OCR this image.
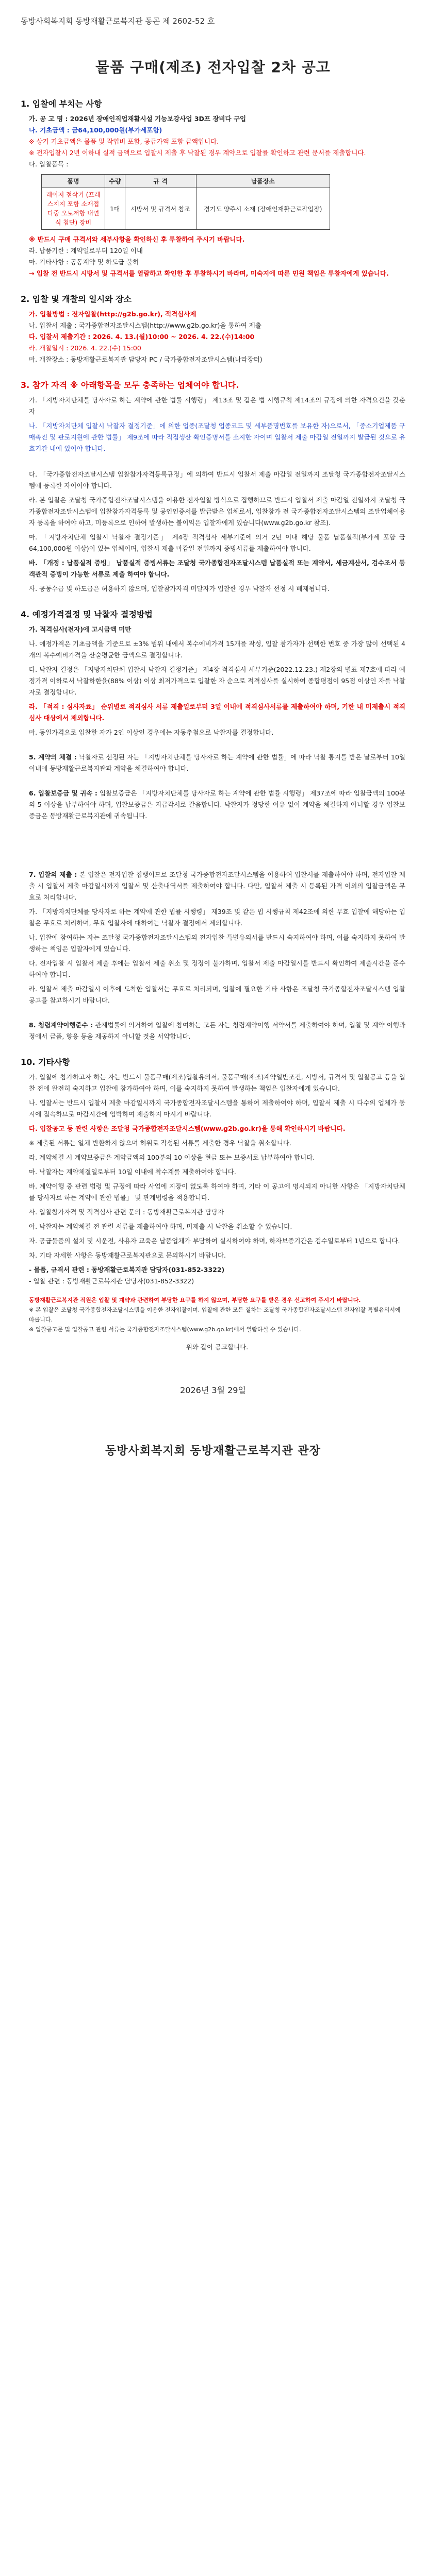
동방사회복지회 동방재활근로복지관 동곤 제 2602-52 호
물품 구매(제조) 전자입찰 2차 공고
1. 입찰에 부치는 사항
가. 공 고 명 : 2026년 장애인직업재활시설 기능보강사업 3D프 장비다 구입
나. 기초금액 : 금64,100,000원(부가세포함)
※ 상기 기초금액은 물품 및 작업비 포함, 공급가액 포함 금액입니다.
※ 전자입찰시 2년 이하내 실적 금액으로 입찰시 제출 후 낙찰된 경우 계약으로 입찰률 확인하고 관련 문서를 제출합니다.
다. 입찰품목 :
품명	수량	규 격	납품장소
레이저 절삭기 (프레스지지 포함 소재접 다중 오토저항 내연식 첨단) 장비	1대	시방서 및 규격서 참조	경기도 양주시 소재 (장애인재활근로작업장)
※ 반드시 구매 규격서와 세부사항을 확인하신 후 투찰하여 주시기 바랍니다.
라. 납품기한 : 계약일로부터 120일 이내
마. 기타사항 : 공동계약 및 하도급 불허
→ 입찰 전 반드시 시방서 및 규격서를 열람하고 확인한 후 투찰하시기 바라며, 미숙지에 따른 민원 책임은 투찰자에게 있습니다.
2. 입찰 및 개찰의 일시와 장소
가. 입찰방법 : 전자입찰(http://g2b.go.kr), 적격심사제
나. 입찰서 제출 : 국가종합전자조달시스템(http://www.g2b.go.kr)을 통하여 제출
다. 입찰서 제출기간 : 2026. 4. 13.(월)10:00 ~ 2026. 4. 22.(수)14:00
라. 개찰일시 : 2026. 4. 22.(수) 15:00
마. 개찰장소 : 동방재활근로복지관 담당자 PC / 국가종합전자조달시스템(나라장터)
3. 참가 자격 ※ 아래항목을 모두 충족하는 업체여야 합니다.
가. 「지방자치단체를 당사자로 하는 계약에 관한 법률 시행령」 제13조 및 같은 법 시행규칙 제14조의 규정에 의한 자격요건을 갖춘 자
나. 「지방자치단체 입찰시 낙찰자 결정기준」에 의한 업종(조달청 업종코드 및 세부품명번호를 보유한 자)으로서, 「중소기업제품 구매촉진 및 판로지원에 관한 법률」 제9조에 따라 직접생산 확인증명서를 소지한 자이며 입찰서 제출 마감일 전일까지 발급된 것으로 유효기간 내에 있어야 합니다.
다. 「국가종합전자조달시스템 입찰참가자격등록규정」에 의하여 반드시 입찰서 제출 마감일 전일까지 조달청 국가종합전자조달시스템에 등록한 자이어야 합니다.
라. 본 입찰은 조달청 국가종합전자조달시스템을 이용한 전자입찰 방식으로 집행하므로 반드시 입찰서 제출 마감일 전일까지 조달청 국가종합전자조달시스템에 입찰참가자격등록 및 공인인증서를 발급받은 업체로서, 입찰참가 전 국가종합전자조달시스템의 조달업체이용자 등록을 하여야 하고, 미등록으로 인하여 발생하는 불이익은 입찰자에게 있습니다(www.g2b.go.kr 참조).
마. 「지방자치단체 입찰시 낙찰자 결정기준」 제4장 적격심사 세부기준에 의거 2년 이내 해당 물품 납품실적(부가세 포함 금64,100,000원 이상)이 있는 업체이며, 입찰서 제출 마감일 전일까지 증빙서류를 제출하여야 합니다.
바. 「개정 : 납품실적 증빙」 납품실적 증빙서류는 조달청 국가종합전자조달시스템 납품실적 또는 계약서, 세금계산서, 검수조서 등 객관적 증빙이 가능한 서류로 제출 하여야 합니다.
사. 공동수급 및 하도급은 허용하지 않으며, 입찰참가자격 미달자가 입찰한 경우 낙찰자 선정 시 배제됩니다.
4. 예정가격결정 및 낙찰자 결정방법
가. 적격심사(전자)에 고시금액 미만
나. 예정가격은 기초금액을 기준으로 ±3% 범위 내에서 복수예비가격 15개를 작성, 입찰 참가자가 선택한 번호 중 가장 많이 선택된 4개의 복수예비가격을 산술평균한 금액으로 결정합니다.
다. 낙찰자 결정은 「지방자치단체 입찰시 낙찰자 결정기준」 제4장 적격심사 세부기준(2022.12.23.) 제2장의 별표 제7호에 따라 예정가격 이하로서 낙찰하한율(88% 이상) 이상 최저가격으로 입찰한 자 순으로 적격심사를 실시하여 종합평점이 95점 이상인 자를 낙찰자로 결정합니다.
라. 「적격 : 심사자료」 순위별로 적격심사 서류 제출일로부터 3일 이내에 적격심사서류를 제출하여야 하며, 기한 내 미제출시 적격심사 대상에서 제외합니다.
마. 동일가격으로 입찰한 자가 2인 이상인 경우에는 자동추첨으로 낙찰자를 결정합니다.
5. 계약의 체결 : 낙찰자로 선정된 자는 「지방자치단체를 당사자로 하는 계약에 관한 법률」에 따라 낙찰 통지를 받은 날로부터 10일 이내에 동방재활근로복지관과 계약을 체결하여야 합니다.
6. 입찰보증금 및 귀속 : 입찰보증금은 「지방자치단체를 당사자로 하는 계약에 관한 법률 시행령」 제37조에 따라 입찰금액의 100분의 5 이상을 납부하여야 하며, 입찰보증금은 지급각서로 갈음합니다. 낙찰자가 정당한 이유 없이 계약을 체결하지 아니할 경우 입찰보증금은 동방재활근로복지관에 귀속됩니다.
7. 입찰의 제출 : 본 입찰은 전자입찰 집행이므로 조달청 국가종합전자조달시스템을 이용하여 입찰서를 제출하여야 하며, 전자입찰 제출 시 입찰서 제출 마감일시까지 입찰서 및 산출내역서를 제출하여야 합니다. 다만, 입찰서 제출 시 등록된 가격 이외의 입찰금액은 무효로 처리합니다.
가. 「지방자치단체를 당사자로 하는 계약에 관한 법률 시행령」 제39조 및 같은 법 시행규칙 제42조에 의한 무효 입찰에 해당하는 입찰은 무효로 처리하며, 무효 입찰자에 대하여는 낙찰자 결정에서 제외합니다.
나. 입찰에 참여하는 자는 조달청 국가종합전자조달시스템의 전자입찰 특별유의서를 반드시 숙지하여야 하며, 이를 숙지하지 못하여 발생하는 책임은 입찰자에게 있습니다.
다. 전자입찰 시 입찰서 제출 후에는 입찰서 제출 취소 및 정정이 불가하며, 입찰서 제출 마감일시를 반드시 확인하여 제출시간을 준수하여야 합니다.
라. 입찰서 제출 마감일시 이후에 도착한 입찰서는 무효로 처리되며, 입찰에 필요한 기타 사항은 조달청 국가종합전자조달시스템 입찰공고를 참고하시기 바랍니다.
8. 청렴계약이행준수 : 관계법률에 의거하여 입찰에 참여하는 모든 자는 청렴계약이행 서약서를 제출하여야 하며, 입찰 및 계약 이행과정에서 금품, 향응 등을 제공하지 아니할 것을 서약합니다.
10. 기타사항
가. 입찰에 참가하고자 하는 자는 반드시 물품구매(제조)입찰유의서, 물품구매(제조)계약일반조건, 시방서, 규격서 및 입찰공고 등을 입찰 전에 완전히 숙지하고 입찰에 참가하여야 하며, 이를 숙지하지 못하여 발생하는 책임은 입찰자에게 있습니다.
나. 입찰서는 반드시 입찰서 제출 마감일시까지 국가종합전자조달시스템을 통하여 제출하여야 하며, 입찰서 제출 시 다수의 업체가 동시에 접속하므로 마감시간에 임박하여 제출하지 마시기 바랍니다.
다. 입찰공고 등 관련 사항은 조달청 국가종합전자조달시스템(www.g2b.go.kr)을 통해 확인하시기 바랍니다.
※ 제출된 서류는 일체 반환하지 않으며 허위로 작성된 서류를 제출한 경우 낙찰을 취소합니다.
라. 계약체결 시 계약보증금은 계약금액의 100분의 10 이상을 현금 또는 보증서로 납부하여야 합니다.
마. 낙찰자는 계약체결일로부터 10일 이내에 착수계를 제출하여야 합니다.
바. 계약이행 중 관련 법령 및 규정에 따라 사업에 지장이 없도록 하여야 하며, 기타 이 공고에 명시되지 아니한 사항은 「지방자치단체를 당사자로 하는 계약에 관한 법률」 및 관계법령을 적용합니다.
사. 입찰참가자격 및 적격심사 관련 문의 : 동방재활근로복지관 담당자
아. 낙찰자는 계약체결 전 관련 서류를 제출하여야 하며, 미제출 시 낙찰을 취소할 수 있습니다.
자. 공급물품의 설치 및 시운전, 사용자 교육은 납품업체가 부담하여 실시하여야 하며, 하자보증기간은 검수일로부터 1년으로 합니다.
차. 기타 자세한 사항은 동방재활근로복지관으로 문의하시기 바랍니다.
- 물품, 규격서 관련 : 동방재활근로복지관 담당자(031-852-3322)
- 입찰 관련 : 동방재활근로복지관 담당자(031-852-3322)
동방재활근로복지관 직원은 입찰 및 계약과 관련하여 부당한 요구를 하지 않으며, 부당한 요구를 받은 경우 신고하여 주시기 바랍니다.
※ 본 입찰은 조달청 국가종합전자조달시스템을 이용한 전자입찰이며, 입찰에 관한 모든 절차는 조달청 국가종합전자조달시스템 전자입찰 특별유의서에 따릅니다.
※ 입찰공고문 및 입찰공고 관련 서류는 국가종합전자조달시스템(www.g2b.go.kr)에서 열람하실 수 있습니다.
위와 같이 공고합니다.
2026년 3월 29일
동방사회복지회 동방재활근로복지관 관장
